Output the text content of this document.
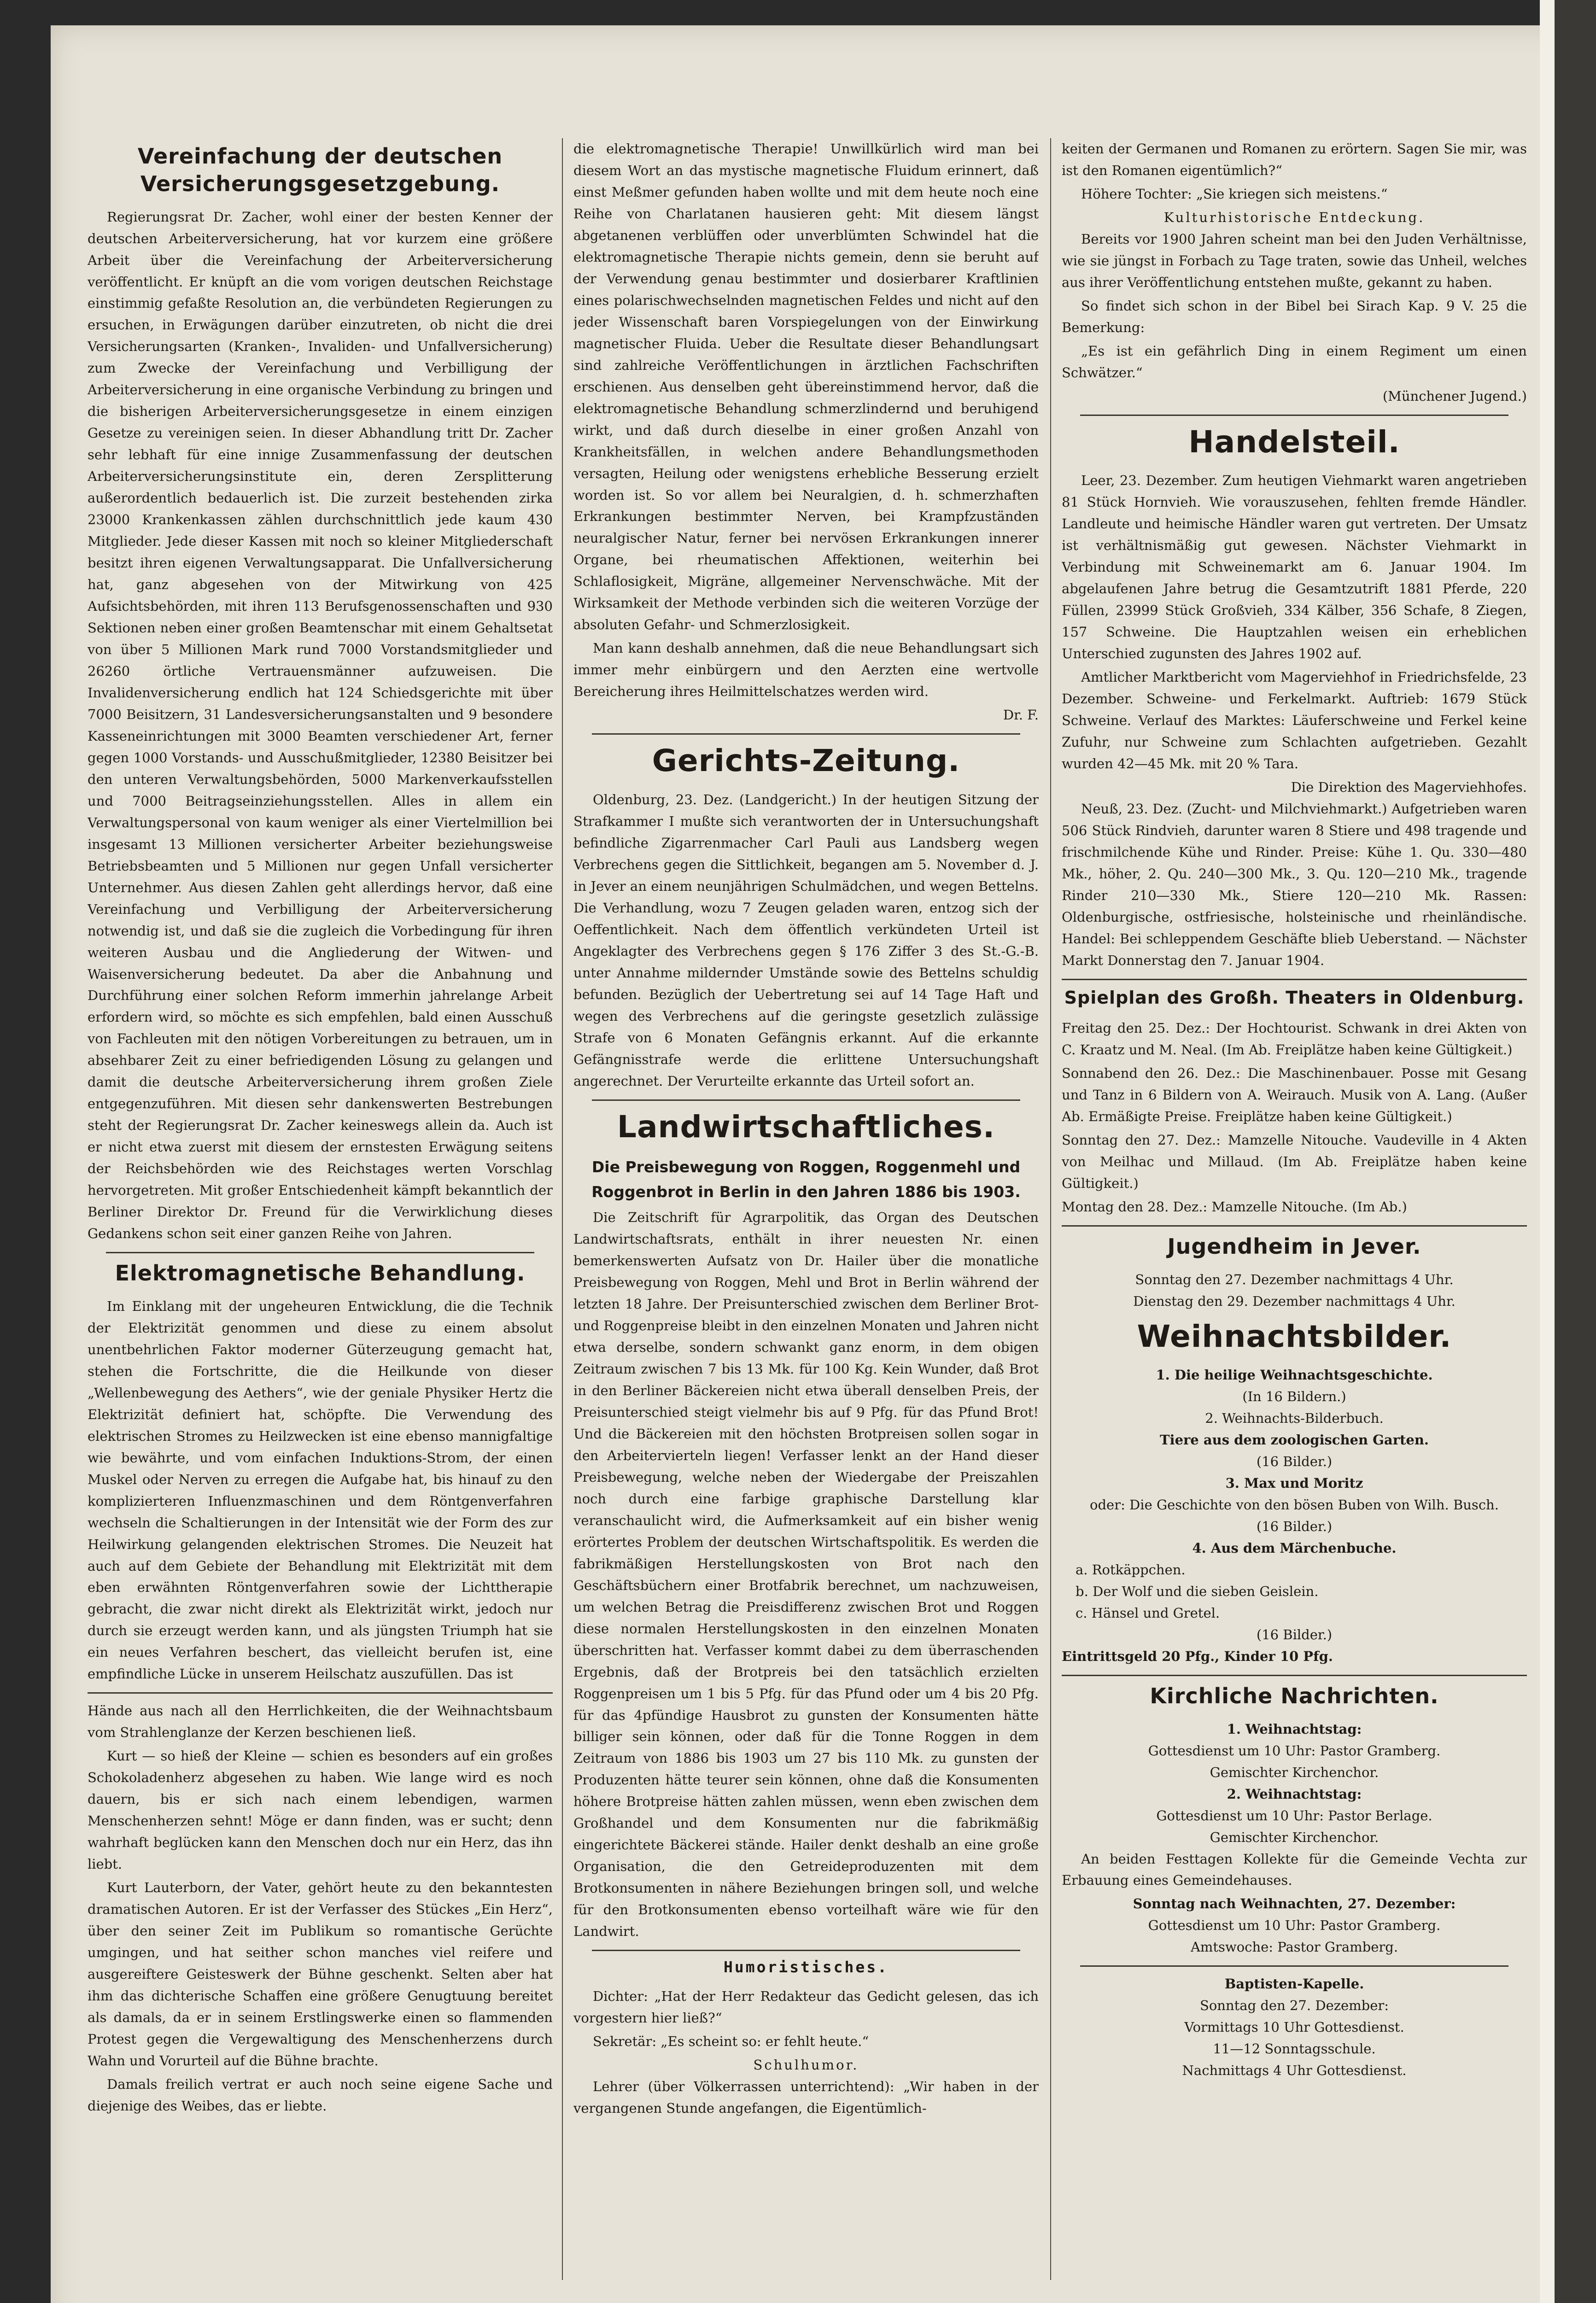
Vereinfachung der deutschen Versicherungsgesetzgebung.

Regierungsrat Dr. Zacher, wohl einer der besten Kenner der deutschen Arbeiterversicherung, hat vor kurzem eine größere Arbeit über die Vereinfachung der Arbeiterversicherung veröffentlicht. Er knüpft an die vom vorigen deutschen Reichstage einstimmig gefaßte Resolution an, die verbündeten Regierungen zu ersuchen, in Erwägungen darüber einzutreten, ob nicht die drei Versicherungsarten (Kranken-, Invaliden- und Unfallversicherung) zum Zwecke der Vereinfachung und Verbilligung der Arbeiterversicherung in eine organische Verbindung zu bringen und die bisherigen Arbeiterversicherungsgesetze in einem einzigen Gesetze zu vereinigen seien. In dieser Abhandlung tritt Dr. Zacher sehr lebhaft für eine innige Zusammenfassung der deutschen Arbeiterversicherungsinstitute ein, deren Zersplitterung außerordentlich bedauerlich ist. Die zurzeit bestehenden zirka 23000 Krankenkassen zählen durchschnittlich jede kaum 430 Mitglieder. Jede dieser Kassen mit noch so kleiner Mitgliederschaft besitzt ihren eigenen Verwaltungsapparat. Die Unfallversicherung hat, ganz abgesehen von der Mitwirkung von 425 Aufsichtsbehörden, mit ihren 113 Berufsgenossenschaften und 930 Sektionen neben einer großen Beamtenschar mit einem Gehaltsetat von über 5 Millionen Mark rund 7000 Vorstandsmitglieder und 26260 örtliche Vertrauensmänner aufzuweisen. Die Invalidenversicherung endlich hat 124 Schiedsgerichte mit über 7000 Beisitzern, 31 Landesversicherungsanstalten und 9 besondere Kasseneinrichtungen mit 3000 Beamten verschiedener Art, ferner gegen 1000 Vorstands- und Ausschußmitglieder, 12380 Beisitzer bei den unteren Verwaltungsbehörden, 5000 Markenverkaufsstellen und 7000 Beitragseinziehungsstellen. Alles in allem ein Verwaltungspersonal von kaum weniger als einer Viertelmillion bei insgesamt 13 Millionen versicherter Arbeiter beziehungsweise Betriebsbeamten und 5 Millionen nur gegen Unfall versicherter Unternehmer. Aus diesen Zahlen geht allerdings hervor, daß eine Vereinfachung und Verbilligung der Arbeiterversicherung notwendig ist, und daß sie die zugleich die Vorbedingung für ihren weiteren Ausbau und die Angliederung der Witwen- und Waisenversicherung bedeutet. Da aber die Anbahnung und Durchführung einer solchen Reform immerhin jahrelange Arbeit erfordern wird, so möchte es sich empfehlen, bald einen Ausschuß von Fachleuten mit den nötigen Vorbereitungen zu betrauen, um in absehbarer Zeit zu einer befriedigenden Lösung zu gelangen und damit die deutsche Arbeiterversicherung ihrem großen Ziele entgegenzuführen. Mit diesen sehr dankenswerten Bestrebungen steht der Regierungsrat Dr. Zacher keineswegs allein da. Auch ist er nicht etwa zuerst mit diesem der ernstesten Erwägung seitens der Reichsbehörden wie des Reichstages werten Vorschlag hervorgetreten. Mit großer Entschiedenheit kämpft bekanntlich der Berliner Direktor Dr. Freund für die Verwirklichung dieses Gedankens schon seit einer ganzen Reihe von Jahren.

Elektromagnetische Behandlung.

Im Einklang mit der ungeheuren Entwicklung, die die Technik der Elektrizität genommen und diese zu einem absolut unentbehrlichen Faktor moderner Güterzeugung gemacht hat, stehen die Fortschritte, die die Heilkunde von dieser „Wellenbewegung des Aethers“, wie der geniale Physiker Hertz die Elektrizität definiert hat, schöpfte. Die Verwendung des elektrischen Stromes zu Heilzwecken ist eine ebenso mannigfaltige wie bewährte, und vom einfachen Induktions-Strom, der einen Muskel oder Nerven zu erregen die Aufgabe hat, bis hinauf zu den komplizierteren Influenzmaschinen und dem Röntgenverfahren wechseln die Schaltierungen in der Intensität wie der Form des zur Heilwirkung gelangenden elektrischen Stromes. Die Neuzeit hat auch auf dem Gebiete der Behandlung mit Elektrizität mit dem eben erwähnten Röntgenverfahren sowie der Lichttherapie gebracht, die zwar nicht direkt als Elektrizität wirkt, jedoch nur durch sie erzeugt werden kann, und als jüngsten Triumph hat sie ein neues Verfahren beschert, das vielleicht berufen ist, eine empfindliche Lücke in unserem Heilschatz auszufüllen. Das ist

Hände aus nach all den Herrlichkeiten, die der Weihnachtsbaum vom Strahlenglanze der Kerzen beschienen ließ.

Kurt — so hieß der Kleine — schien es besonders auf ein großes Schokoladenherz abgesehen zu haben. Wie lange wird es noch dauern, bis er sich nach einem lebendigen, warmen Menschenherzen sehnt! Möge er dann finden, was er sucht; denn wahrhaft beglücken kann den Menschen doch nur ein Herz, das ihn liebt.

Kurt Lauterborn, der Vater, gehört heute zu den bekanntesten dramatischen Autoren. Er ist der Verfasser des Stückes „Ein Herz“, über den seiner Zeit im Publikum so romantische Gerüchte umgingen, und hat seither schon manches viel reifere und ausgereiftere Geisteswerk der Bühne geschenkt. Selten aber hat ihm das dichterische Schaffen eine größere Genugtuung bereitet als damals, da er in seinem Erstlingswerke einen so flammenden Protest gegen die Vergewaltigung des Menschenherzens durch Wahn und Vorurteil auf die Bühne brachte.

Damals freilich vertrat er auch noch seine eigene Sache und diejenige des Weibes, das er liebte.

die elektromagnetische Therapie! Unwillkürlich wird man bei diesem Wort an das mystische magnetische Fluidum erinnert, daß einst Meßmer gefunden haben wollte und mit dem heute noch eine Reihe von Charlatanen hausieren geht: Mit diesem längst abgetanenen verblüffen oder unverblümten Schwindel hat die elektromagnetische Therapie nichts gemein, denn sie beruht auf der Verwendung genau bestimmter und dosierbarer Kraftlinien eines polarischwechselnden magnetischen Feldes und nicht auf den jeder Wissenschaft baren Vorspiegelungen von der Einwirkung magnetischer Fluida. Ueber die Resultate dieser Behandlungsart sind zahlreiche Veröffentlichungen in ärztlichen Fachschriften erschienen. Aus denselben geht übereinstimmend hervor, daß die elektromagnetische Behandlung schmerzlindernd und beruhigend wirkt, und daß durch dieselbe in einer großen Anzahl von Krankheitsfällen, in welchen andere Behandlungsmethoden versagten, Heilung oder wenigstens erhebliche Besserung erzielt worden ist. So vor allem bei Neuralgien, d. h. schmerzhaften Erkrankungen bestimmter Nerven, bei Krampfzuständen neuralgischer Natur, ferner bei nervösen Erkrankungen innerer Organe, bei rheumatischen Affektionen, weiterhin bei Schlaflosigkeit, Migräne, allgemeiner Nervenschwäche. Mit der Wirksamkeit der Methode verbinden sich die weiteren Vorzüge der absoluten Gefahr- und Schmerzlosigkeit.

Man kann deshalb annehmen, daß die neue Behandlungsart sich immer mehr einbürgern und den Aerzten eine wertvolle Bereicherung ihres Heilmittelschatzes werden wird.

Dr. F.
Gerichts-Zeitung.

Oldenburg, 23. Dez. (Landgericht.) In der heutigen Sitzung der Strafkammer I mußte sich verantworten der in Untersuchungshaft befindliche Zigarrenmacher Carl Pauli aus Landsberg wegen Verbrechens gegen die Sittlichkeit, begangen am 5. November d. J. in Jever an einem neunjährigen Schulmädchen, und wegen Bettelns. Die Verhandlung, wozu 7 Zeugen geladen waren, entzog sich der Oeffentlichkeit. Nach dem öffentlich verkündeten Urteil ist Angeklagter des Verbrechens gegen § 176 Ziffer 3 des St.-G.-B. unter Annahme mildernder Umstände sowie des Bettelns schuldig befunden. Bezüglich der Uebertretung sei auf 14 Tage Haft und wegen des Verbrechens auf die geringste gesetzlich zulässige Strafe von 6 Monaten Gefängnis erkannt. Auf die erkannte Gefängnisstrafe werde die erlittene Untersuchungshaft angerechnet. Der Verurteilte erkannte das Urteil sofort an.

Landwirtschaftliches.
Die Preisbewegung von Roggen, Roggenmehl und Roggenbrot in Berlin in den Jahren 1886 bis 1903.

Die Zeitschrift für Agrarpolitik, das Organ des Deutschen Landwirtschaftsrats, enthält in ihrer neuesten Nr. einen bemerkenswerten Aufsatz von Dr. Hailer über die monatliche Preisbewegung von Roggen, Mehl und Brot in Berlin während der letzten 18 Jahre. Der Preisunterschied zwischen dem Berliner Brot- und Roggenpreise bleibt in den einzelnen Monaten und Jahren nicht etwa derselbe, sondern schwankt ganz enorm, in dem obigen Zeitraum zwischen 7 bis 13 Mk. für 100 Kg. Kein Wunder, daß Brot in den Berliner Bäckereien nicht etwa überall denselben Preis, der Preisunterschied steigt vielmehr bis auf 9 Pfg. für das Pfund Brot! Und die Bäckereien mit den höchsten Brotpreisen sollen sogar in den Arbeitervierteln liegen! Verfasser lenkt an der Hand dieser Preisbewegung, welche neben der Wiedergabe der Preiszahlen noch durch eine farbige graphische Darstellung klar veranschaulicht wird, die Aufmerksamkeit auf ein bisher wenig erörtertes Problem der deutschen Wirtschaftspolitik. Es werden die fabrikmäßigen Herstellungskosten von Brot nach den Geschäftsbüchern einer Brotfabrik berechnet, um nachzuweisen, um welchen Betrag die Preisdifferenz zwischen Brot und Roggen diese normalen Herstellungskosten in den einzelnen Monaten überschritten hat. Verfasser kommt dabei zu dem überraschenden Ergebnis, daß der Brotpreis bei den tatsächlich erzielten Roggenpreisen um 1 bis 5 Pfg. für das Pfund oder um 4 bis 20 Pfg. für das 4pfündige Hausbrot zu gunsten der Konsumenten hätte billiger sein können, oder daß für die Tonne Roggen in dem Zeitraum von 1886 bis 1903 um 27 bis 110 Mk. zu gunsten der Produzenten hätte teurer sein können, ohne daß die Konsumenten höhere Brotpreise hätten zahlen müssen, wenn eben zwischen dem Großhandel und dem Konsumenten nur die fabrikmäßig eingerichtete Bäckerei stände. Hailer denkt deshalb an eine große Organisation, die den Getreideproduzenten mit dem Brotkonsumenten in nähere Beziehungen bringen soll, und welche für den Brotkonsumenten ebenso vorteilhaft wäre wie für den Landwirt.

Humoristisches.

Dichter: „Hat der Herr Redakteur das Gedicht gelesen, das ich vorgestern hier ließ?“

Sekretär: „Es scheint so: er fehlt heute.“

Schulhumor.

Lehrer (über Völkerrassen unterrichtend): „Wir haben in der vergangenen Stunde angefangen, die Eigentümlich-

keiten der Germanen und Romanen zu erörtern. Sagen Sie mir, was ist den Romanen eigentümlich?“

Höhere Tochter: „Sie kriegen sich meistens.“

Kulturhistorische Entdeckung.

Bereits vor 1900 Jahren scheint man bei den Juden Verhältnisse, wie sie jüngst in Forbach zu Tage traten, sowie das Unheil, welches aus ihrer Veröffentlichung entstehen mußte, gekannt zu haben.

So findet sich schon in der Bibel bei Sirach Kap. 9 V. 25 die Bemerkung:

„Es ist ein gefährlich Ding in einem Regiment um einen Schwätzer.“

(Münchener Jugend.)
Handelsteil.

Leer, 23. Dezember. Zum heutigen Viehmarkt waren angetrieben 81 Stück Hornvieh. Wie vorauszusehen, fehlten fremde Händler. Landleute und heimische Händler waren gut vertreten. Der Umsatz ist verhältnismäßig gut gewesen. Nächster Viehmarkt in Verbindung mit Schweinemarkt am 6. Januar 1904. Im abgelaufenen Jahre betrug die Gesamtzutrift 1881 Pferde, 220 Füllen, 23999 Stück Großvieh, 334 Kälber, 356 Schafe, 8 Ziegen, 157 Schweine. Die Hauptzahlen weisen ein erheblichen Unterschied zugunsten des Jahres 1902 auf.

Amtlicher Marktbericht vom Magerviehhof in Friedrichsfelde, 23 Dezember. Schweine- und Ferkelmarkt. Auftrieb: 1679 Stück Schweine. Verlauf des Marktes: Läuferschweine und Ferkel keine Zufuhr, nur Schweine zum Schlachten aufgetrieben. Gezahlt wurden 42—45 Mk. mit 20 % Tara.

Die Direktion des Magerviehhofes.

Neuß, 23. Dez. (Zucht- und Milchviehmarkt.) Aufgetrieben waren 506 Stück Rindvieh, darunter waren 8 Stiere und 498 tragende und frischmilchende Kühe und Rinder. Preise: Kühe 1. Qu. 330—480 Mk., höher, 2. Qu. 240—300 Mk., 3. Qu. 120—210 Mk., tragende Rinder 210—330 Mk., Stiere 120—210 Mk. Rassen: Oldenburgische, ostfriesische, holsteinische und rheinländische. Handel: Bei schleppendem Geschäfte blieb Ueberstand. — Nächster Markt Donnerstag den 7. Januar 1904.

Spielplan des Großh. Theaters in Oldenburg.

Freitag den 25. Dez.: Der Hochtourist. Schwank in drei Akten von C. Kraatz und M. Neal. (Im Ab. Freiplätze haben keine Gültigkeit.)

Sonnabend den 26. Dez.: Die Maschinenbauer. Posse mit Gesang und Tanz in 6 Bildern von A. Weirauch. Musik von A. Lang. (Außer Ab. Ermäßigte Preise. Freiplätze haben keine Gültigkeit.)

Sonntag den 27. Dez.: Mamzelle Nitouche. Vaudeville in 4 Akten von Meilhac und Millaud. (Im Ab. Freiplätze haben keine Gültigkeit.)

Montag den 28. Dez.: Mamzelle Nitouche. (Im Ab.)

Jugendheim in Jever.
Sonntag den 27. Dezember nachmittags 4 Uhr.
Dienstag den 29. Dezember nachmittags 4 Uhr.
Weihnachtsbilder.
1. Die heilige Weihnachtsgeschichte.
(In 16 Bildern.)
2. Weihnachts-Bilderbuch.
Tiere aus dem zoologischen Garten.
(16 Bilder.)
3. Max und Moritz
oder: Die Geschichte von den bösen Buben von Wilh. Busch.
(16 Bilder.)
4. Aus dem Märchenbuche.
a. Rotkäppchen.
b. Der Wolf und die sieben Geislein.
c. Hänsel und Gretel.
(16 Bilder.)
Eintrittsgeld 20 Pfg., Kinder 10 Pfg.
Kirchliche Nachrichten.
1. Weihnachtstag:
Gottesdienst um 10 Uhr: Pastor Gramberg.
Gemischter Kirchenchor.
2. Weihnachtstag:
Gottesdienst um 10 Uhr: Pastor Berlage.
Gemischter Kirchenchor.

An beiden Festtagen Kollekte für die Gemeinde Vechta zur Erbauung eines Gemeindehauses.

Sonntag nach Weihnachten, 27. Dezember:
Gottesdienst um 10 Uhr: Pastor Gramberg.
Amtswoche: Pastor Gramberg.
Baptisten-Kapelle.
Sonntag den 27. Dezember:
Vormittags 10 Uhr Gottesdienst.
11—12 Sonntagsschule.
Nachmittags 4 Uhr Gottesdienst.
